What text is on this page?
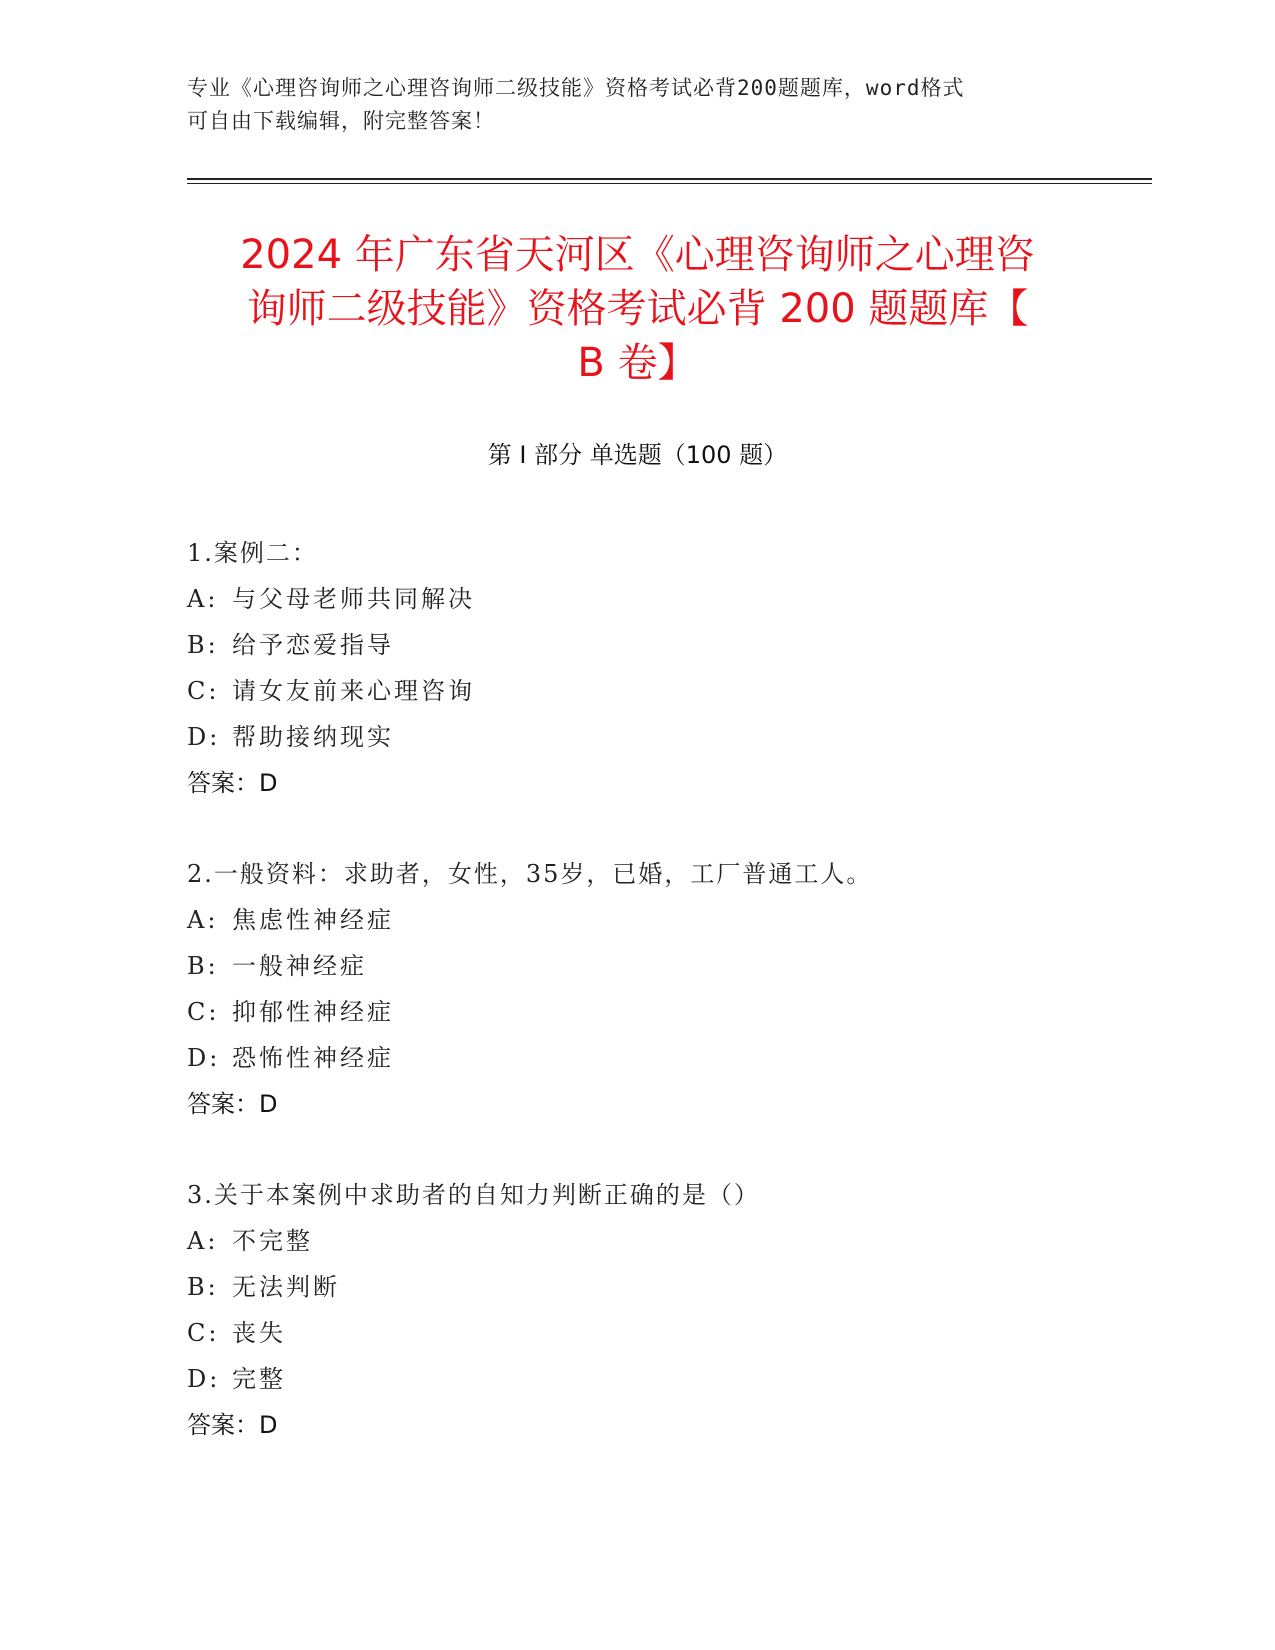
专业《心理咨询师之心理咨询师二级技能》资格考试必背200题题库，word格式
可自由下载编辑，附完整答案！
2024 年广东省天河区《心理咨询师之心理咨
询师二级技能》资格考试必背 200 题题库【
B 卷】
第 I 部分 单选题（100 题）
1.案例二：
A: 与父母老师共同解决
B: 给予恋爱指导
C: 请女友前来心理咨询
D: 帮助接纳现实
答案：D
2.一般资料：求助者，女性，35岁，已婚，工厂普通工人。
A: 焦虑性神经症
B: 一般神经症
C: 抑郁性神经症
D: 恐怖性神经症
答案：D
3.关于本案例中求助者的自知力判断正确的是（）
A: 不完整
B: 无法判断
C: 丧失
D: 完整
答案：D
